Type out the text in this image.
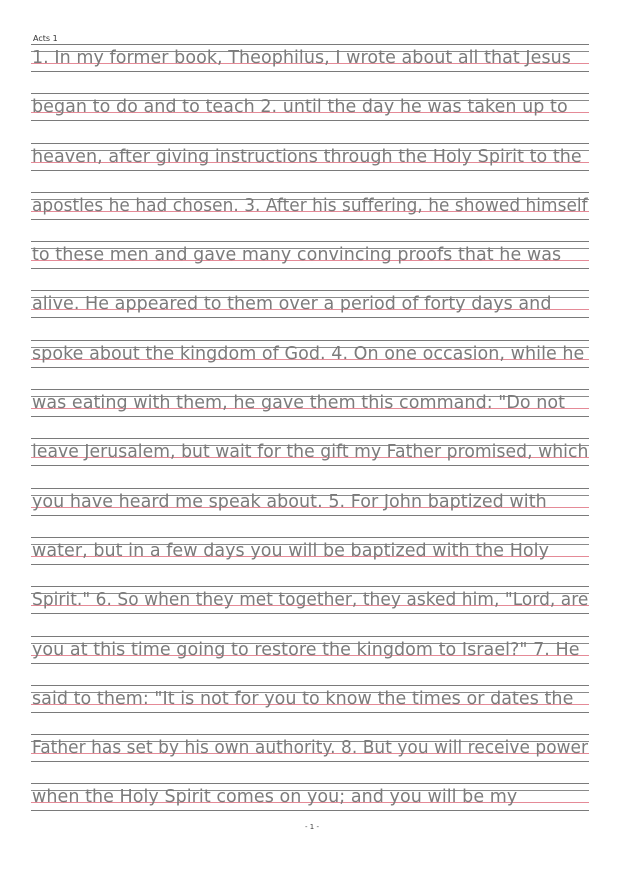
Acts 1
1. In my former book, Theophilus, I wrote about all that Jesus
began to do and to teach 2. until the day he was taken up to
heaven, after giving instructions through the Holy Spirit to the
apostles he had chosen. 3. After his suffering, he showed himself
to these men and gave many convincing proofs that he was
alive. He appeared to them over a period of forty days and
spoke about the kingdom of God. 4. On one occasion, while he
was eating with them, he gave them this command: "Do not
leave Jerusalem, but wait for the gift my Father promised, which
you have heard me speak about. 5. For John baptized with
water, but in a few days you will be baptized with the Holy
Spirit." 6. So when they met together, they asked him, "Lord, are
you at this time going to restore the kingdom to Israel?" 7. He
said to them: "It is not for you to know the times or dates the
Father has set by his own authority. 8. But you will receive power
when the Holy Spirit comes on you; and you will be my
- 1 -
